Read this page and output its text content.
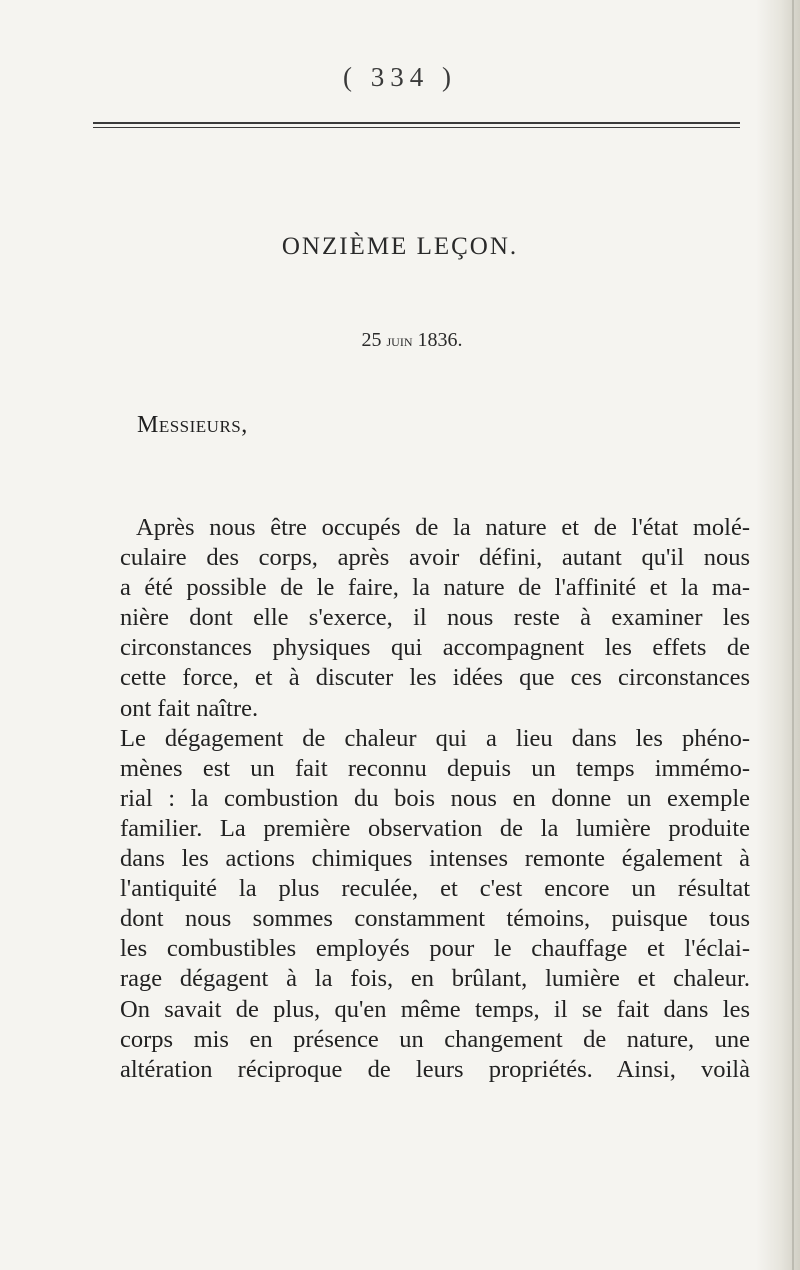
( 334 )
ONZIÈME LEÇON.
25 juin 1836.
Messieurs,
Après nous être occupés de la nature et de l'état molé-
culaire des corps, après avoir défini, autant qu'il nous
a été possible de le faire, la nature de l'affinité et la ma-
nière dont elle s'exerce, il nous reste à examiner les
circonstances physiques qui accompagnent les effets de
cette force, et à discuter les idées que ces circonstances
ont fait naître.
Le dégagement de chaleur qui a lieu dans les phéno-
mènes est un fait reconnu depuis un temps immémo-
rial : la combustion du bois nous en donne un exemple
familier. La première observation de la lumière produite
dans les actions chimiques intenses remonte également à
l'antiquité la plus reculée, et c'est encore un résultat
dont nous sommes constamment témoins, puisque tous
les combustibles employés pour le chauffage et l'éclai-
rage dégagent à la fois, en brûlant, lumière et chaleur.
On savait de plus, qu'en même temps, il se fait dans les
corps mis en présence un changement de nature, une
altération réciproque de leurs propriétés. Ainsi, voilà
